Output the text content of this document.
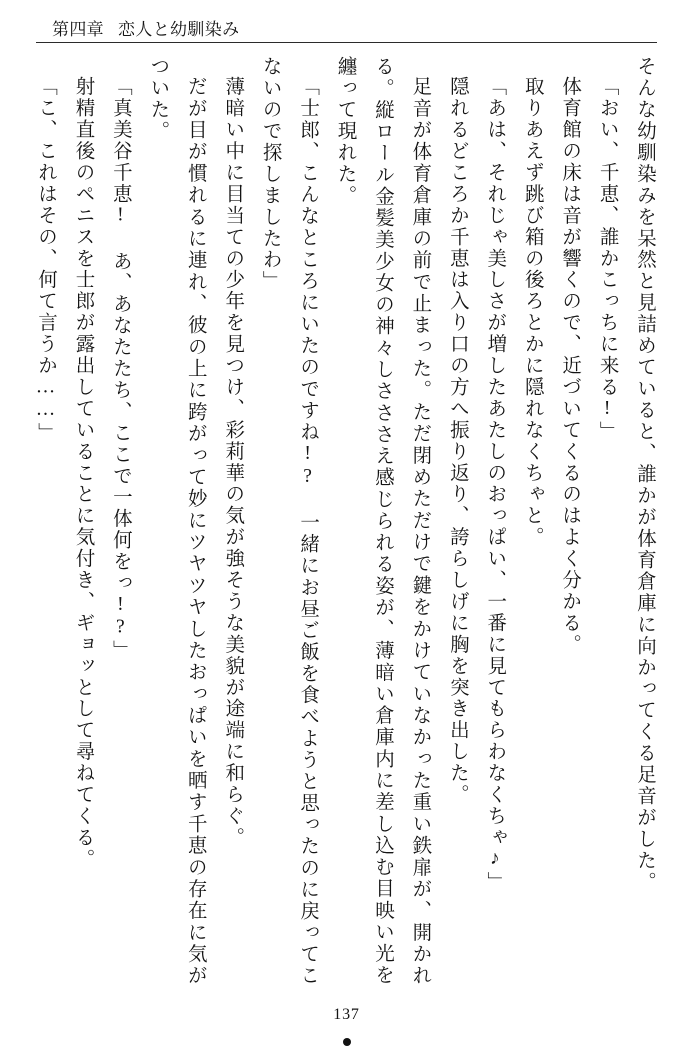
第四章 恋人と幼馴染み

そんな幼馴染みを呆然と見詰めていると、誰かが体育倉庫に向かってくる足音がした。

「おい、千恵、誰かこっちに来る!」

体育館の床は音が響くので、近づいてくるのはよく分かる。

取りあえず跳び箱の後ろとかに隠れなくちゃと。

「あは、それじゃ美しさが増したあたしのおっぱい、一番に見てもらわなくちゃ♪」

隠れるどころか千恵は入り口の方へ振り返り、誇らしげに胸を突き出した。

足音が体育倉庫の前で止まった。ただ閉めただけで鍵をかけていなかった重い鉄扉が、開かれる。縦ロール金髪美少女の神々しさささえ感じられる姿が、薄暗い倉庫内に差し込む目映い光を纏って現れた。

「士郎、こんなところにいたのですね!? 一緒にお昼ご飯を食べようと思ったのに戻ってこないので探しましたわ」

薄暗い中に目当ての少年を見つけ、彩莉華の気が強そうな美貌が途端に和らぐ。

だが目が慣れるに連れ、彼の上に跨がって妙にツヤツヤしたおっぱいを晒す千恵の存在に気がついた。

「真美谷千恵! あ、あなたたち、ここで一体何をっ!?」

射精直後のペニスを士郎が露出していることに気付き、ギョッとして尋ねてくる。

「こ、これはその、何て言うか……」

137
